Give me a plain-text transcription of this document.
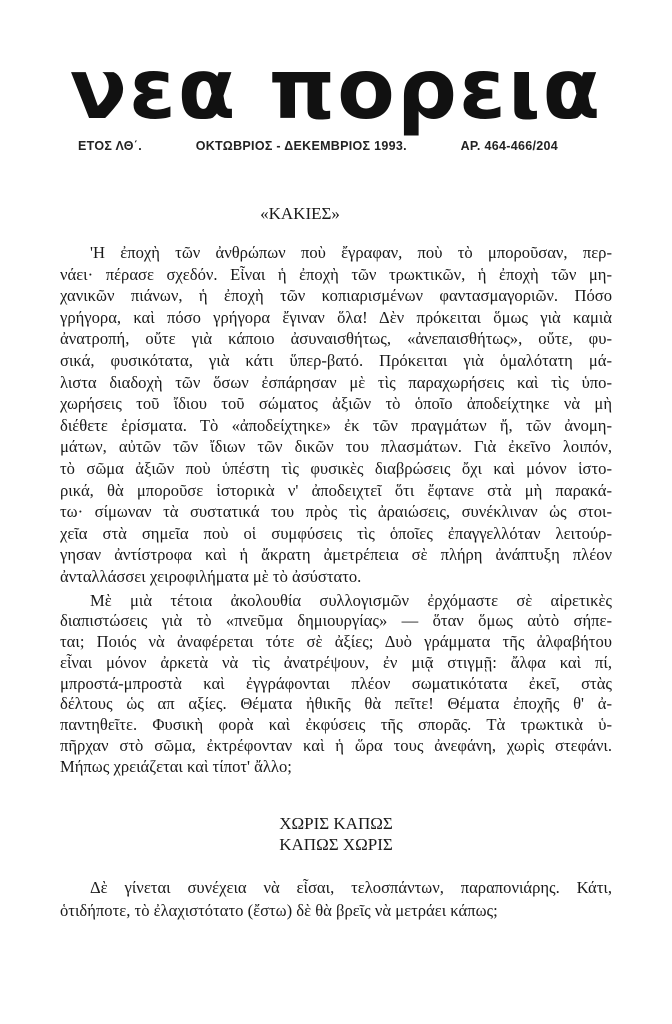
νεα πορεια
ΕΤΟΣ ΛΘ΄.	ΟΚΤΩΒΡΙΟΣ - ΔΕΚΕΜΒΡΙΟΣ 1993.	ΑΡ. 464-466/204
«ΚΑΚΙΕΣ»
'Η ἐποχὴ τῶν ἀνθρώπων ποὺ ἔγραφαν, ποὺ τὸ μποροῦσαν, περ-
νάει· πέρασε σχεδόν. Εἶναι ἡ ἐποχὴ τῶν τρωκτικῶν, ἡ ἐποχὴ τῶν μη-
χανικῶν πιάνων, ἡ ἐποχὴ τῶν κοπιαρισμένων φαντασμαγοριῶν. Πόσο
γρήγορα, καὶ πόσο γρήγορα ἔγιναν ὅλα! Δὲν πρόκειται ὅμως γιὰ καμιὰ
ἀνατροπή, οὔτε γιὰ κάποιο ἀσυναισθήτως, «ἀνεπαισθήτως», οὔτε, φυ-
σικά, φυσικότατα, γιὰ κάτι ὕπερ-βατό. Πρόκειται γιὰ ὁμαλότατη μά-
λιστα διαδοχὴ τῶν ὅσων ἐσπάρησαν μὲ τὶς παραχωρήσεις καὶ τὶς ὑπο-
χωρήσεις τοῦ ἴδιου τοῦ σώματος ἀξιῶν τὸ ὁποῖο ἀποδείχτηκε νὰ μὴ
διέθετε ἐρίσματα. Τὸ «ἀποδείχτηκε» ἐκ τῶν πραγμάτων ἤ, τῶν ἀνομη-
μάτων, αὐτῶν τῶν ἴδιων τῶν δικῶν του πλασμάτων. Γιὰ ἐκεῖνο λοιπόν,
τὸ σῶμα ἀξιῶν ποὺ ὑπέστη τὶς φυσικὲς διαβρώσεις ὄχι καὶ μόνον ἱστο-
ρικά, θὰ μποροῦσε ἱστορικὰ ν' ἀποδειχτεῖ ὅτι ἔφτανε στὰ μὴ παρακά-
τω· σίμωναν τὰ συστατικά του πρὸς τὶς ἀραιώσεις, συνέκλιναν ὡς στοι-
χεῖα στὰ σημεῖα ποὺ οἱ συμφύσεις τὶς ὁποῖες ἐπαγγελλόταν λειτούρ-
γησαν ἀντίστροφα καὶ ἡ ἄκρατη ἀμετρέπεια σὲ πλήρη ἀνάπτυξη πλέον
ἀνταλλάσσει χειροφιλήματα μὲ τὸ ἀσύστατο.
Μὲ μιὰ τέτοια ἀκολουθία συλλογισμῶν ἐρχόμαστε σὲ αἱρετικὲς
διαπιστώσεις γιὰ τὸ «πνεῦμα δημιουργίας» — ὅταν ὅμως αὐτὸ σήπε-
ται; Ποιός νὰ ἀναφέρεται τότε σὲ ἀξίες; Δυὸ γράμματα τῆς ἀλφαβήτου
εἶναι μόνον ἀρκετὰ νὰ τὶς ἀνατρέψουν, ἐν μιᾷ στιγμῇ: ἄλφα καὶ πί,
μπροστά-μπροστὰ καὶ ἐγγράφονται πλέον σωματικότατα ἐκεῖ, στὰς
δέλτους ὡς απ αξίες. Θέματα ἠθικῆς θὰ πεῖτε! Θέματα ἐποχῆς θ' ἀ-
παντηθεῖτε. Φυσικὴ φορὰ καὶ ἐκφύσεις τῆς σπορᾶς. Τὰ τρωκτικὰ ὑ-
πῆρχαν στὸ σῶμα, ἐκτρέφονταν καὶ ἡ ὥρα τους ἀνεφάνη, χωρὶς στεφάνι.
Μήπως χρειάζεται καὶ τίποτ' ἄλλο;
ΧΩΡΙΣ ΚΑΠΩΣ
ΚΑΠΩΣ ΧΩΡΙΣ
Δὲ γίνεται συνέχεια νὰ εἶσαι, τελοσπάντων, παραπονιάρης. Κάτι,
ὁτιδήποτε, τὸ ἐλαχιστότατο (ἔστω) δὲ θὰ βρεῖς νὰ μετράει κάπως;
